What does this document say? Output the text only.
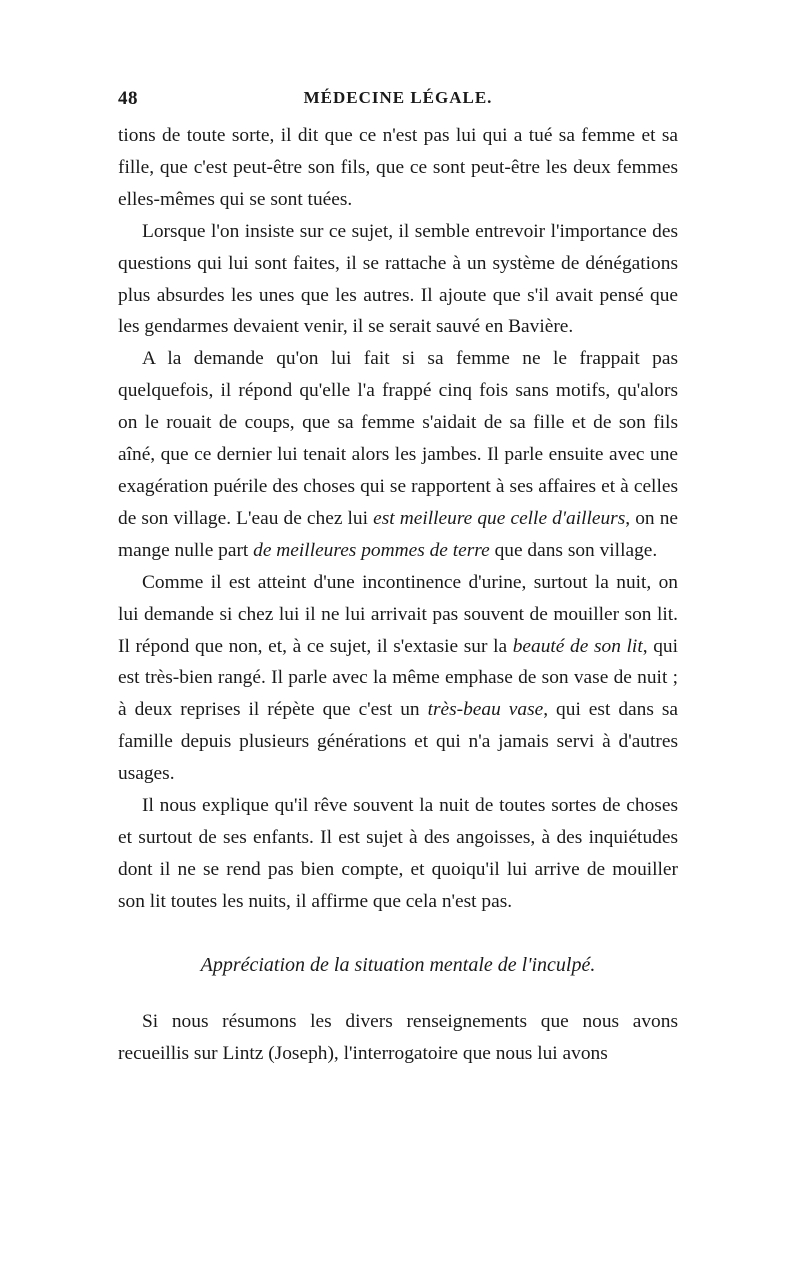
48	MÉDECINE LÉGALE.

tions de toute sorte, il dit que ce n'est pas lui qui a tué sa femme et sa fille, que c'est peut-être son fils, que ce sont peut-être les deux femmes elles-mêmes qui se sont tuées.

Lorsque l'on insiste sur ce sujet, il semble entrevoir l'importance des questions qui lui sont faites, il se rattache à un système de dénégations plus absurdes les unes que les autres. Il ajoute que s'il avait pensé que les gendarmes devaient venir, il se serait sauvé en Bavière.

A la demande qu'on lui fait si sa femme ne le frappait pas quelquefois, il répond qu'elle l'a frappé cinq fois sans motifs, qu'alors on le rouait de coups, que sa femme s'aidait de sa fille et de son fils aîné, que ce dernier lui tenait alors les jambes. Il parle ensuite avec une exagération puérile des choses qui se rapportent à ses affaires et à celles de son village. L'eau de chez lui est meilleure que celle d'ailleurs, on ne mange nulle part de meilleures pommes de terre que dans son village.

Comme il est atteint d'une incontinence d'urine, surtout la nuit, on lui demande si chez lui il ne lui arrivait pas souvent de mouiller son lit. Il répond que non, et, à ce sujet, il s'extasie sur la beauté de son lit, qui est très-bien rangé. Il parle avec la même emphase de son vase de nuit ; à deux reprises il répète que c'est un très-beau vase, qui est dans sa famille depuis plusieurs générations et qui n'a jamais servi à d'autres usages.

Il nous explique qu'il rêve souvent la nuit de toutes sortes de choses et surtout de ses enfants. Il est sujet à des angoisses, à des inquiétudes dont il ne se rend pas bien compte, et quoiqu'il lui arrive de mouiller son lit toutes les nuits, il affirme que cela n'est pas.

Appréciation de la situation mentale de l'inculpé.

Si nous résumons les divers renseignements que nous avons recueillis sur Lintz (Joseph), l'interrogatoire que nous lui avons
